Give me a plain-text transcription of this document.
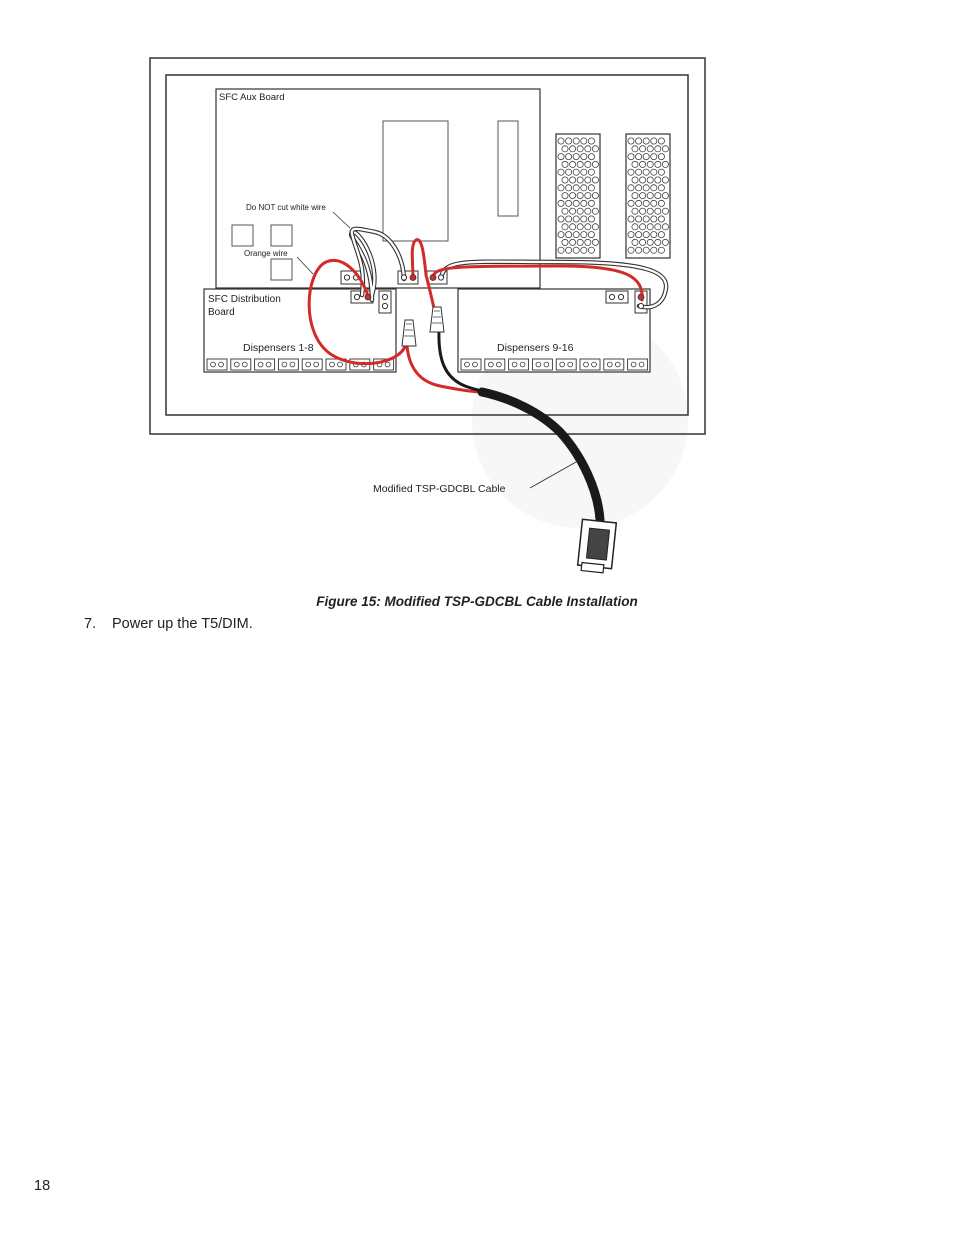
SFC Aux Board
Do NOT cut white wire
Orange wire
SFC Distribution
Board
Dispensers 1-8	Dispensers 9-16
Modified TSP-GDCBL Cable
Figure 15: Modified TSP-GDCBL Cable Installation
7. Power up the T5/DIM.
18
